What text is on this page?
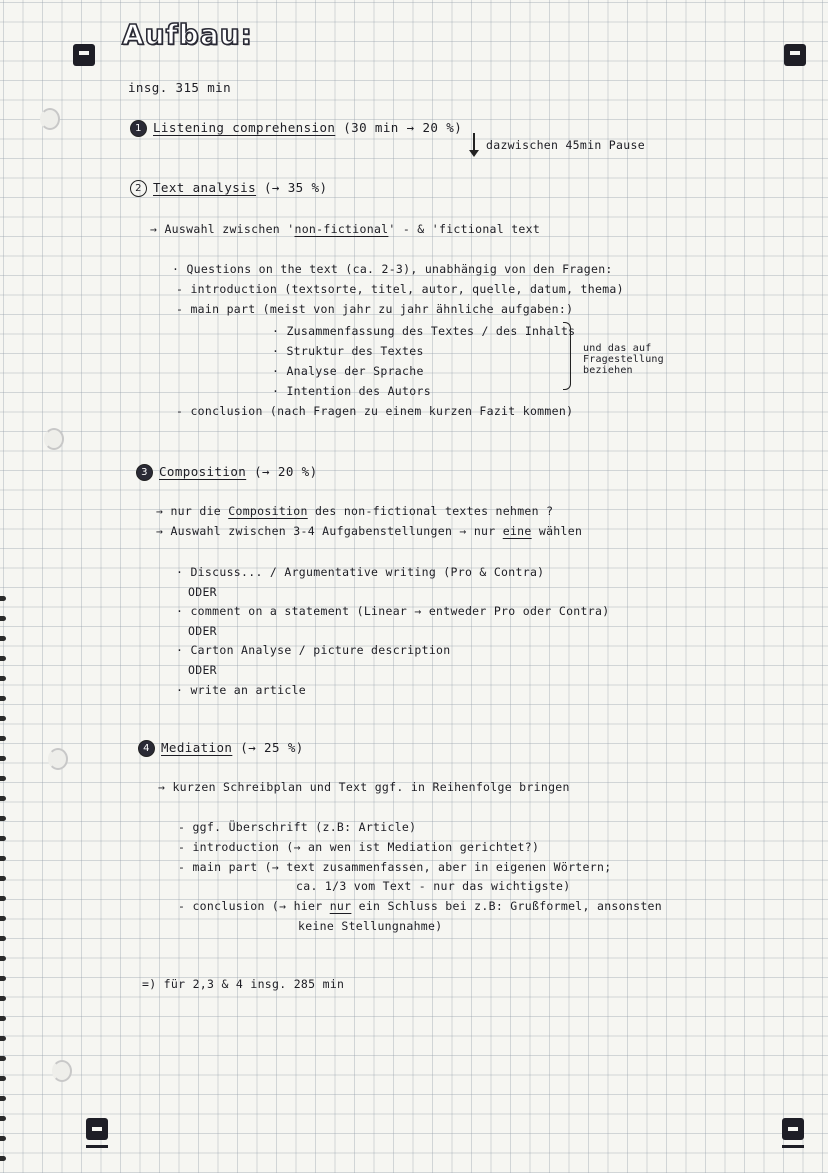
Aufbau:
insg. 315 min
1 Listening comprehension (30 min → 20 %)
dazwischen 45min Pause
2 Text analysis (→ 35 %)
→ Auswahl zwischen 'non-fictional' - & 'fictional text
· Questions on the text (ca. 2-3), unabhängig von den Fragen:
- introduction (textsorte, titel, autor, quelle, datum, thema)
- main part (meist von jahr zu jahr ähnliche aufgaben:)
· Zusammenfassung des Textes / des Inhalts
· Struktur des Textes
· Analyse der Sprache
· Intention des Autors
und das auf Fragestellung beziehen
- conclusion (nach Fragen zu einem kurzen Fazit kommen)
3 Composition (→ 20 %)
→ nur die Composition des non-fictional textes nehmen ?
→ Auswahl zwischen 3-4 Aufgabenstellungen → nur eine wählen
· Discuss... / Argumentative writing (Pro & Contra)
ODER
· comment on a statement (Linear → entweder Pro oder Contra)
ODER
· Carton Analyse / picture description
ODER
· write an article
4 Mediation (→ 25 %)
→ kurzen Schreibplan und Text ggf. in Reihenfolge bringen
- ggf. Überschrift (z.B: Article)
- introduction (→ an wen ist Mediation gerichtet?)
- main part (→ text zusammenfassen, aber in eigenen Wörtern;
ca. 1/3 vom Text - nur das wichtigste)
- conclusion (→ hier nur ein Schluss bei z.B: Grußformel, ansonsten
keine Stellungnahme)
=) für 2,3 & 4 insg. 285 min
